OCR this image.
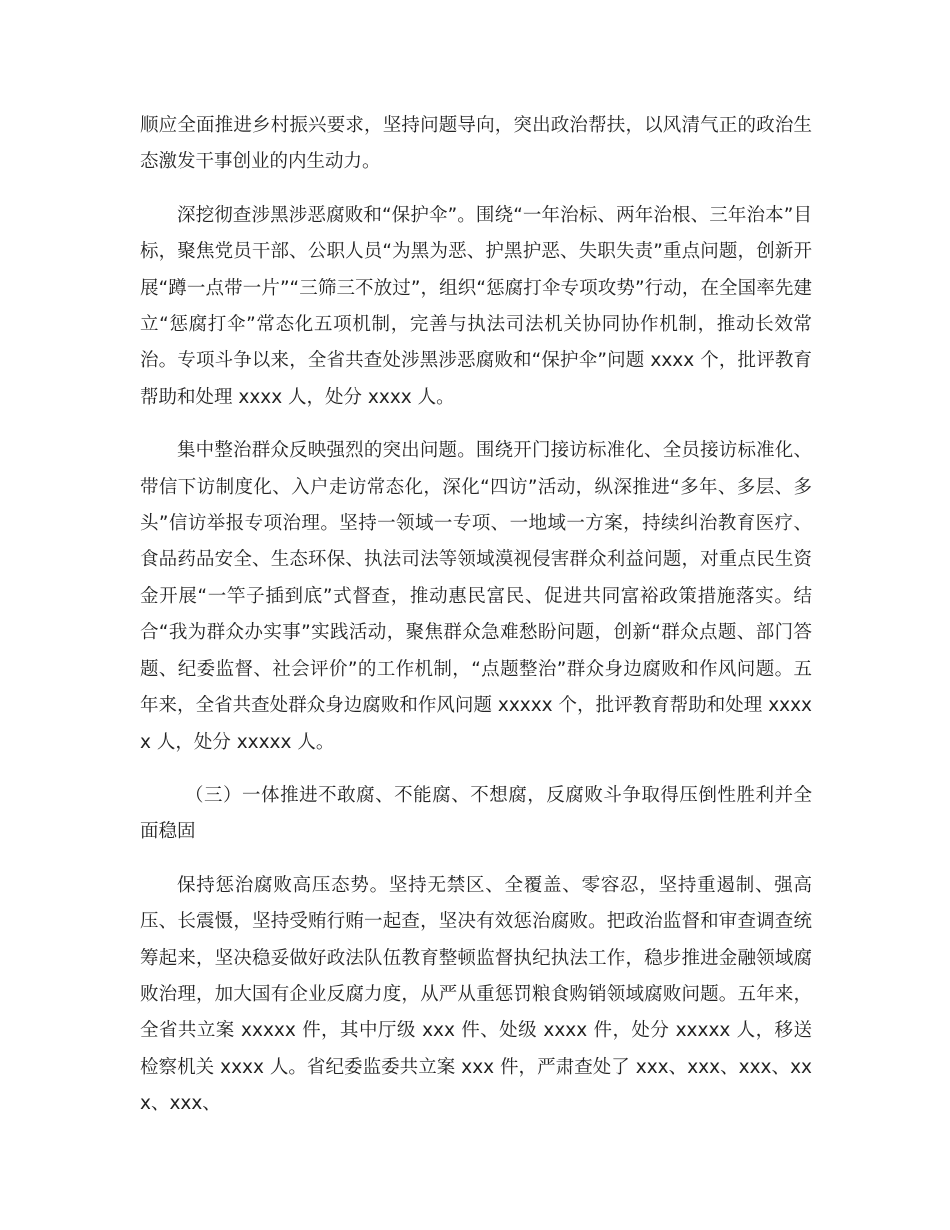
顺应全面推进乡村振兴要求，坚持问题导向，突出政治帮扶，以风清气正的政治生态激发干事创业的内生动力。

深挖彻查涉黑涉恶腐败和“保护伞”。围绕“一年治标、两年治根、三年治本”目标，聚焦党员干部、公职人员“为黑为恶、护黑护恶、失职失责”重点问题，创新开展“蹲一点带一片”“三筛三不放过”，组织“惩腐打伞专项攻势”行动，在全国率先建立“惩腐打伞”常态化五项机制，完善与执法司法机关协同协作机制，推动长效常治。专项斗争以来，全省共查处涉黑涉恶腐败和“保护伞”问题 xxxx 个，批评教育帮助和处理 xxxx 人，处分 xxxx 人。

集中整治群众反映强烈的突出问题。围绕开门接访标准化、全员接访标准化、带信下访制度化、入户走访常态化，深化“四访”活动，纵深推进“多年、多层、多头”信访举报专项治理。坚持一领域一专项、一地域一方案，持续纠治教育医疗、食品药品安全、生态环保、执法司法等领域漠视侵害群众利益问题，对重点民生资金开展“一竿子插到底”式督查，推动惠民富民、促进共同富裕政策措施落实。结合“我为群众办实事”实践活动，聚焦群众急难愁盼问题，创新“群众点题、部门答题、纪委监督、社会评价”的工作机制，“点题整治”群众身边腐败和作风问题。五年来，全省共查处群众身边腐败和作风问题 xxxxx 个，批评教育帮助和处理 xxxxx 人，处分 xxxxx 人。

（三）一体推进不敢腐、不能腐、不想腐，反腐败斗争取得压倒性胜利并全面稳固

保持惩治腐败高压态势。坚持无禁区、全覆盖、零容忍，坚持重遏制、强高压、长震慑，坚持受贿行贿一起查，坚决有效惩治腐败。把政治监督和审查调查统筹起来，坚决稳妥做好政法队伍教育整顿监督执纪执法工作，稳步推进金融领域腐败治理，加大国有企业反腐力度，从严从重惩罚粮食购销领域腐败问题。五年来，全省共立案 xxxxx 件，其中厅级 xxx 件、处级 xxxx 件，处分 xxxxx 人，移送检察机关 xxxx 人。省纪委监委共立案 xxx 件，严肃查处了 xxx、xxx、xxx、xxx、xxx、
